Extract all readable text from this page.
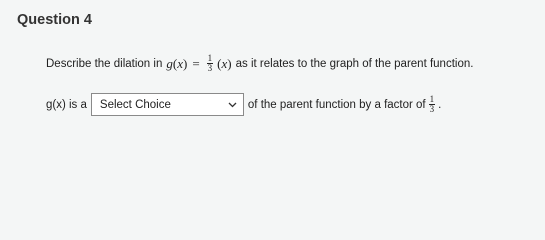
Question 4
Describe the dilation in g ( x ) = $\frac{1}{3}$ ( x ) as it relates to the graph of the parent function.
g(x) is a Select Choice	of the parent function by a factor of $\frac{1}{3}$ .
